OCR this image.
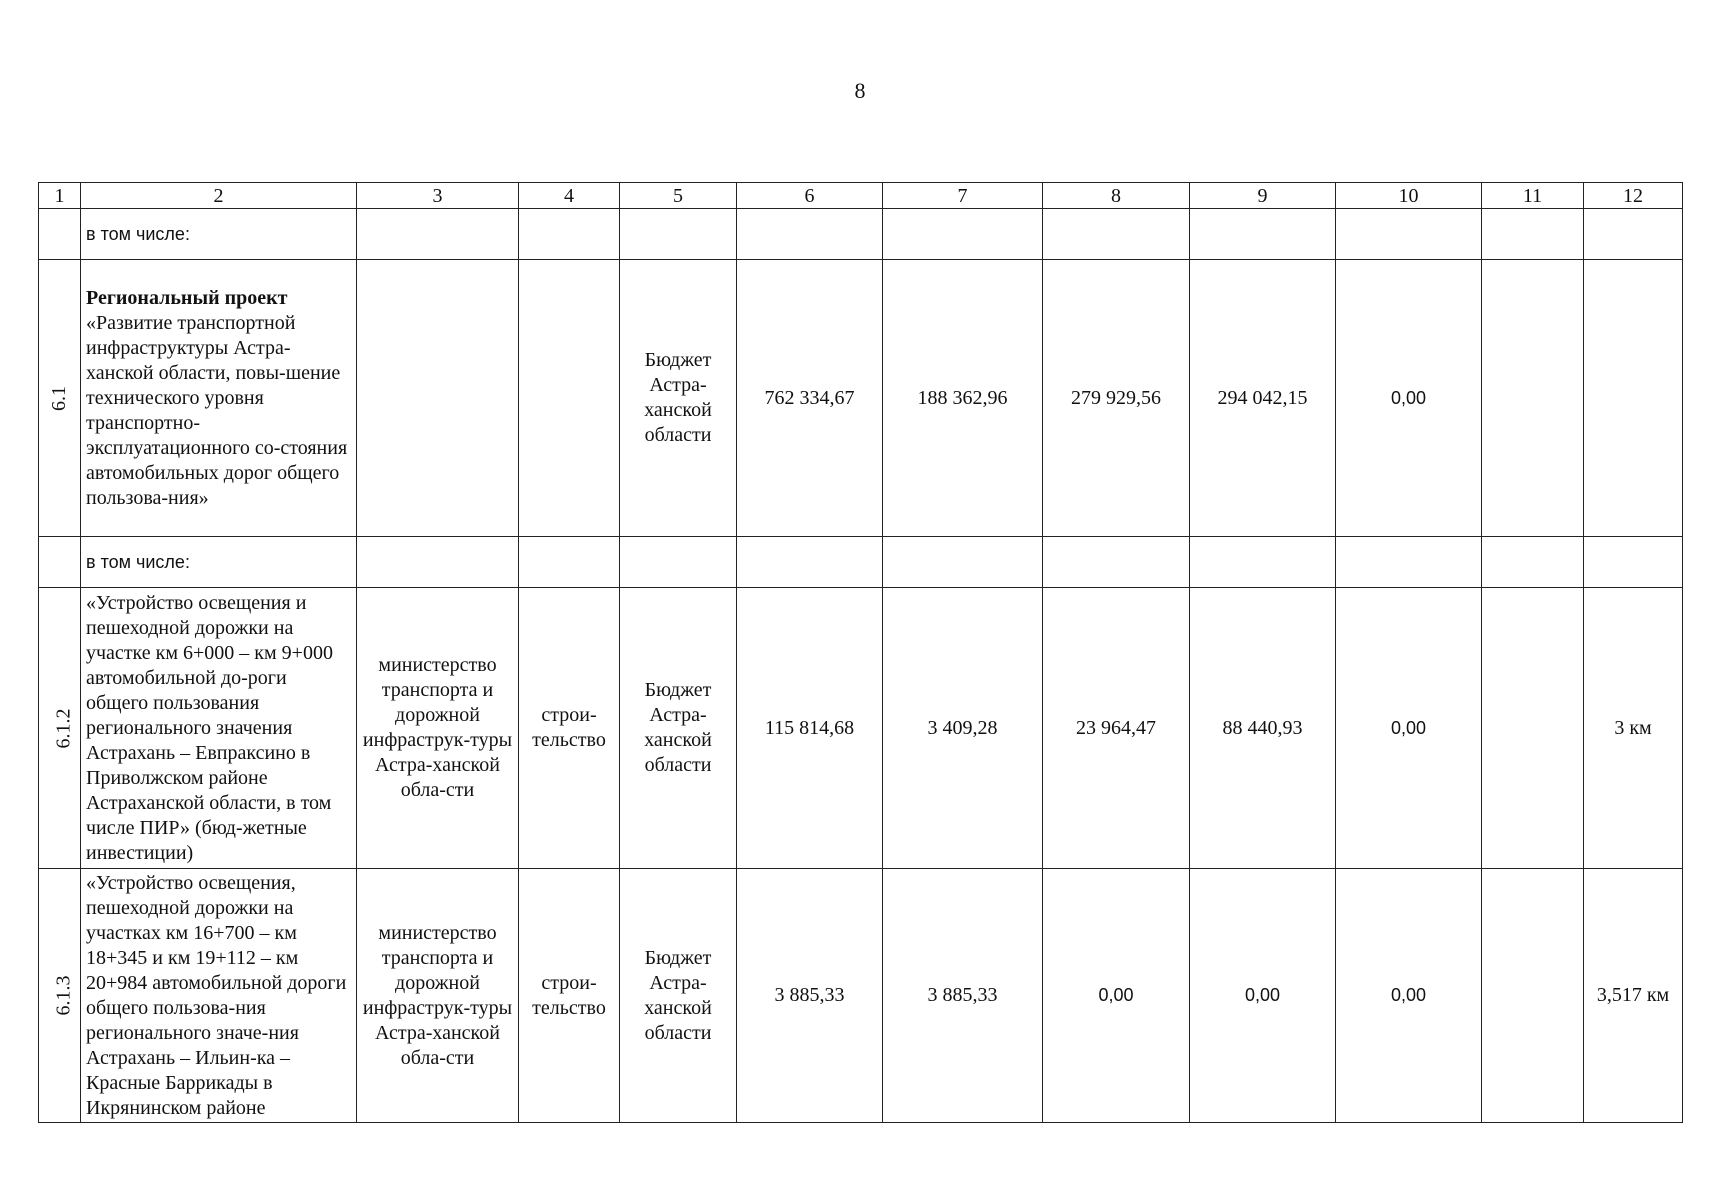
8
1	2	3	4	5	6	7	8	9	10	11	12
	в том числе:										
6.1	Региональный проект «Развитие транспортной инфраструктуры Астра-ханской области, повы-шение технического уровня транспортно-эксплуатационного со-стояния автомобильных дорог общего пользова-ния»			Бюджет Астра-ханской области	762 334,67	188 362,96	279 929,56	294 042,15	0,00		
	в том числе:										
6.1.2	«Устройство освещения и пешеходной дорожки на участке км 6+000 – км 9+000 автомобильной до-роги общего пользования регионального значения Астрахань – Евпраксино в Приволжском районе Астраханской области, в том числе ПИР» (бюд-жетные инвестиции)	министерство транспорта и дорожной инфраструк-туры Астра-ханской обла-сти	строи-тельство	Бюджет Астра-ханской области	115 814,68	3 409,28	23 964,47	88 440,93	0,00		3 км
6.1.3	«Устройство освещения, пешеходной дорожки на участках км 16+700 – км 18+345 и км 19+112 – км 20+984 автомобильной дороги общего пользова-ния регионального значе-ния Астрахань – Ильин-ка – Красные Баррикады в Икрянинском районе	министерство транспорта и дорожной инфраструк-туры Астра-ханской обла-сти	строи-тельство	Бюджет Астра-ханской области	3 885,33	3 885,33	0,00	0,00	0,00		3,517 км
